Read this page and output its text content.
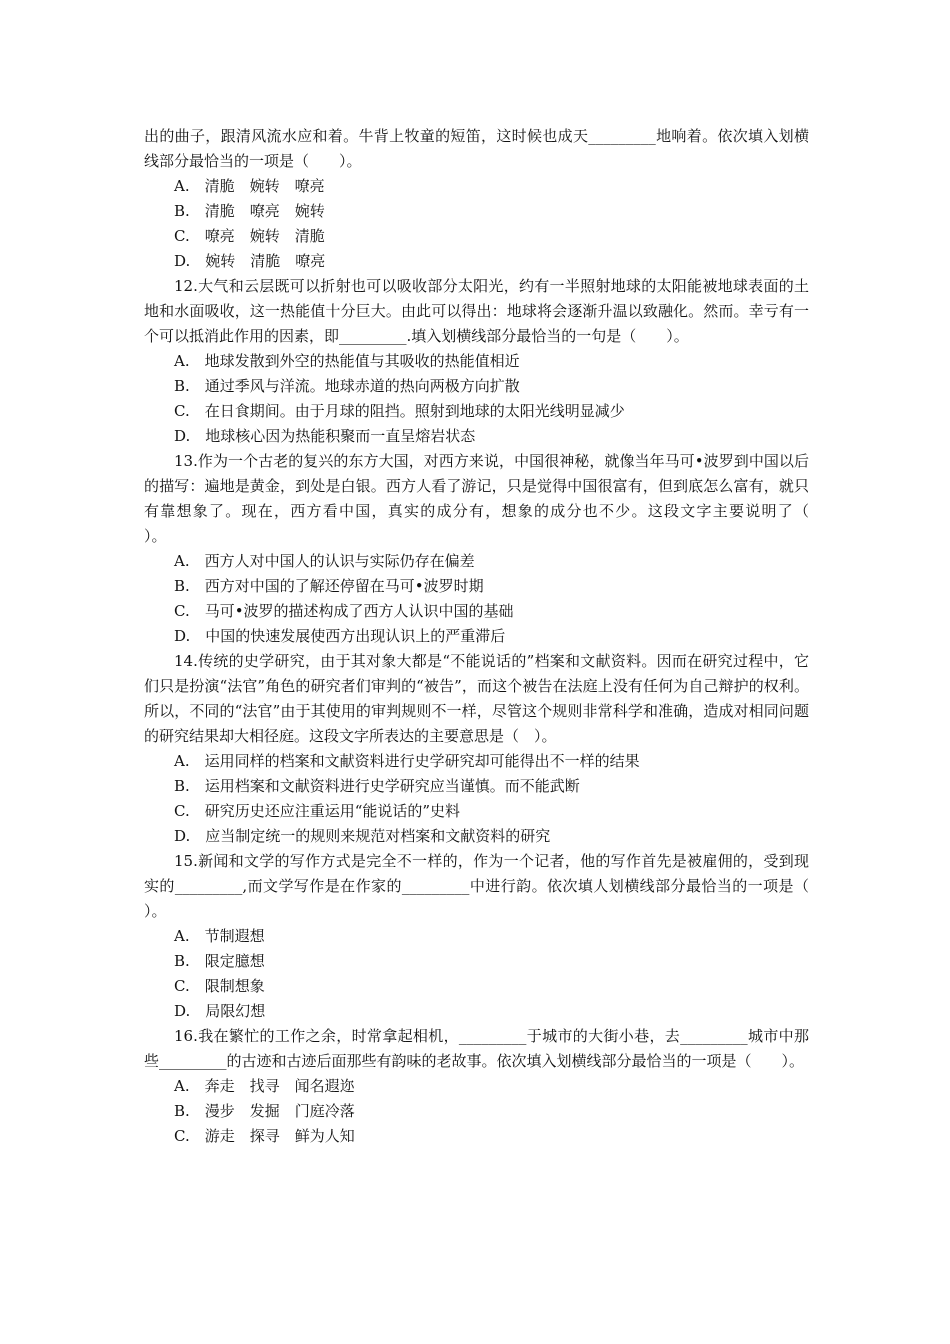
出的曲子，跟清风流水应和着。牛背上牧童的短笛，这时候也成天_________地响着。依次填入划横线部分最恰当的一项是（　　）。

A.　清脆　婉转　嘹亮

B.　清脆　嘹亮　婉转

C.　嘹亮　婉转　清脆

D.　婉转　清脆　嘹亮

12.大气和云层既可以折射也可以吸收部分太阳光，约有一半照射地球的太阳能被地球表面的土地和水面吸收，这一热能值十分巨大。由此可以得出：地球将会逐渐升温以致融化。然而。幸亏有一个可以抵消此作用的因素，即_________.填入划横线部分最恰当的一句是（　　）。

A.　地球发散到外空的热能值与其吸收的热能值相近

B.　通过季风与洋流。地球赤道的热向两极方向扩散

C.　在日食期间。由于月球的阻挡。照射到地球的太阳光线明显减少

D.　地球核心因为热能积聚而一直呈熔岩状态

13.作为一个古老的复兴的东方大国，对西方来说，中国很神秘，就像当年马可•波罗到中国以后的描写：遍地是黄金，到处是白银。西方人看了游记，只是觉得中国很富有，但到底怎么富有，就只有靠想象了。现在，西方看中国，真实的成分有，想象的成分也不少。这段文字主要说明了（　　）。

A.　西方人对中国人的认识与实际仍存在偏差

B.　西方对中国的了解还停留在马可•波罗时期

C.　马可•波罗的描述构成了西方人认识中国的基础

D.　中国的快速发展使西方出现认识上的严重滞后

14.传统的史学研究，由于其对象大都是“不能说话的”档案和文献资料。因而在研究过程中，它们只是扮演“法官”角色的研究者们审判的“被告”，而这个被告在法庭上没有任何为自己辩护的权利。所以，不同的“法官”由于其使用的审判规则不一样，尽管这个规则非常科学和准确，造成对相同问题的研究结果却大相径庭。这段文字所表达的主要意思是（　）。

A.　运用同样的档案和文献资料进行史学研究却可能得出不一样的结果

B.　运用档案和文献资料进行史学研究应当谨慎。而不能武断

C.　研究历史还应注重运用“能说话的”史料

D.　应当制定统一的规则来规范对档案和文献资料的研究

15.新闻和文学的写作方式是完全不一样的，作为一个记者，他的写作首先是被雇佣的，受到现实的_________,而文学写作是在作家的_________中进行韵。依次填人划横线部分最恰当的一项是（　　）。

A.　节制遐想

B.　限定臆想

C.　限制想象

D.　局限幻想

16.我在繁忙的工作之余，时常拿起相机，_________于城市的大街小巷，去_________城市中那些_________的古迹和古迹后面那些有韵味的老故事。依次填入划横线部分最恰当的一项是（　　）。

A.　奔走　找寻　闻名遐迩

B.　漫步　发掘　门庭冷落

C.　游走　探寻　鲜为人知
